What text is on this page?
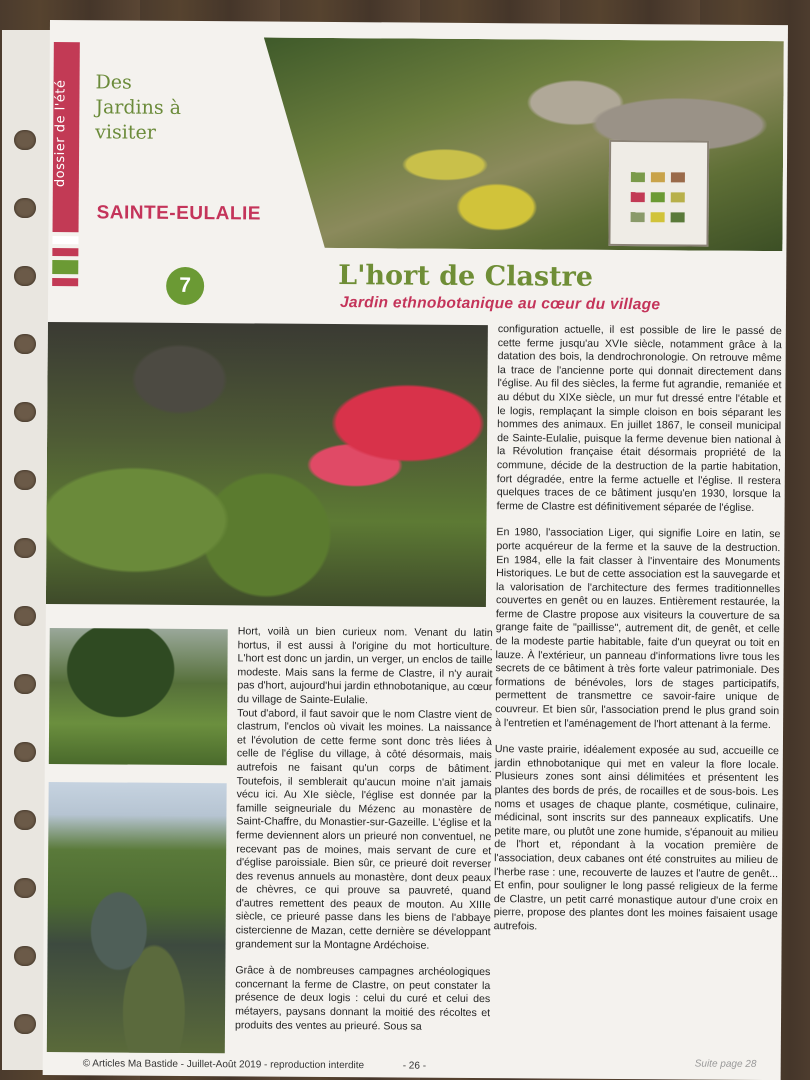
dossier de l'été	Des Jardins à visiter
SAINTE-EULALIE
7	L'hort de Clastre
Jardin ethnobotanique au cœur du village

Hort, voilà un bien curieux nom. Venant du latin hortus, il est aussi à l'origine du mot horticulture. L'hort est donc un jardin, un verger, un enclos de taille modeste. Mais sans la ferme de Clastre, il n'y aurait pas d'hort, aujourd'hui jardin ethnobotanique, au cœur du village de Sainte-Eulalie.

Tout d'abord, il faut savoir que le nom Clastre vient de clastrum, l'enclos où vivait les moines. La naissance et l'évolution de cette ferme sont donc très liées à celle de l'église du village, à côté désormais, mais autrefois ne faisant qu'un corps de bâtiment. Toutefois, il semblerait qu'aucun moine n'ait jamais vécu ici. Au XIe siècle, l'église est donnée par la famille seigneuriale du Mézenc au monastère de Saint-Chaffre, du Monastier-sur-Gazeille. L'église et la ferme deviennent alors un prieuré non conventuel, ne recevant pas de moines, mais servant de cure et d'église paroissiale. Bien sûr, ce prieuré doit reverser des revenus annuels au monastère, dont deux peaux de chèvres, ce qui prouve sa pauvreté, quand d'autres remettent des peaux de mouton. Au XIIIe siècle, ce prieuré passe dans les biens de l'abbaye cistercienne de Mazan, cette dernière se développant grandement sur la Montagne Ardéchoise.

Grâce à de nombreuses campagnes archéologiques concernant la ferme de Clastre, on peut constater la présence de deux logis : celui du curé et celui des métayers, paysans donnant la moitié des récoltes et produits des ventes au prieuré. Sous sa

configuration actuelle, il est possible de lire le passé de cette ferme jusqu'au XVIe siècle, notamment grâce à la datation des bois, la dendrochronologie. On retrouve même la trace de l'ancienne porte qui donnait directement dans l'église. Au fil des siècles, la ferme fut agrandie, remaniée et au début du XIXe siècle, un mur fut dressé entre l'étable et le logis, remplaçant la simple cloison en bois séparant les hommes des animaux. En juillet 1867, le conseil municipal de Sainte-Eulalie, puisque la ferme devenue bien national à la Révolution française était désormais propriété de la commune, décide de la destruction de la partie habitation, fort dégradée, entre la ferme actuelle et l'église. Il restera quelques traces de ce bâtiment jusqu'en 1930, lorsque la ferme de Clastre est définitivement séparée de l'église.

En 1980, l'association Liger, qui signifie Loire en latin, se porte acquéreur de la ferme et la sauve de la destruction. En 1984, elle la fait classer à l'inventaire des Monuments Historiques. Le but de cette association est la sauvegarde et la valorisation de l'architecture des fermes traditionnelles couvertes en genêt ou en lauzes. Entièrement restaurée, la ferme de Clastre propose aux visiteurs la couverture de sa grange faite de "paillisse", autrement dit, de genêt, et celle de la modeste partie habitable, faite d'un queyrat ou toit en lauze. À l'extérieur, un panneau d'informations livre tous les secrets de ce bâtiment à très forte valeur patrimoniale. Des formations de bénévoles, lors de stages participatifs, permettent de transmettre ce savoir-faire unique de couvreur. Et bien sûr, l'association prend le plus grand soin à l'entretien et l'aménagement de l'hort attenant à la ferme.

Une vaste prairie, idéalement exposée au sud, accueille ce jardin ethnobotanique qui met en valeur la flore locale. Plusieurs zones sont ainsi délimitées et présentent les plantes des bords de prés, de rocailles et de sous-bois. Les noms et usages de chaque plante, cosmétique, culinaire, médicinal, sont inscrits sur des panneaux explicatifs. Une petite mare, ou plutôt une zone humide, s'épanouit au milieu de l'hort et, répondant à la vocation première de l'association, deux cabanes ont été construites au milieu de l'herbe rase : une, recouverte de lauzes et l'autre de genêt... Et enfin, pour souligner le long passé religieux de la ferme de Clastre, un petit carré monastique autour d'une croix en pierre, propose des plantes dont les moines faisaient usage autrefois.

© Articles Ma Bastide - Juillet-Août 2019 - reproduction interdite	- 26 -	Suite page 28
